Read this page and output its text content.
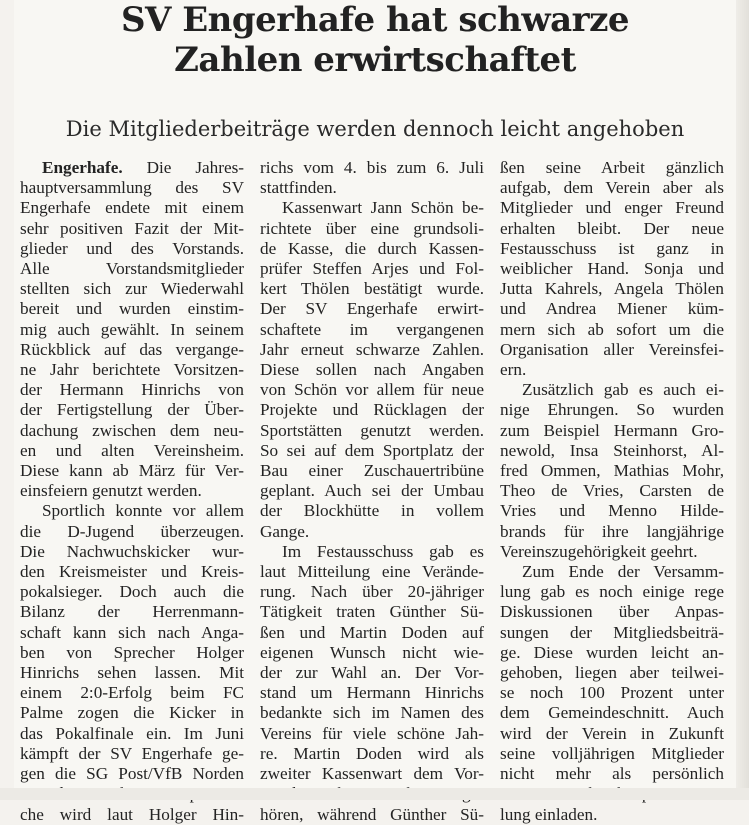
SV Engerhafe hat schwarze
Zahlen erwirtschaftet
Die Mitgliederbeiträge werden dennoch leicht angehoben
Engerhafe. Die Jahres-
hauptversammlung des SV
Engerhafe endete mit einem
sehr positiven Fazit der Mit-
glieder und des Vorstands.
Alle Vorstandsmitglieder
stellten sich zur Wiederwahl
bereit und wurden einstim-
mig auch gewählt. In seinem
Rückblick auf das vergange-
ne Jahr berichtete Vorsitzen-
der Hermann Hinrichs von
der Fertigstellung der Über-
dachung zwischen dem neu-
en und alten Vereinsheim.
Diese kann ab März für Ver-
einsfeiern genutzt werden.
Sportlich konnte vor allem
die D-Jugend überzeugen.
Die Nachwuchskicker wur-
den Kreismeister und Kreis-
pokalsieger. Doch auch die
Bilanz der Herrenmann-
schaft kann sich nach Anga-
ben von Sprecher Holger
Hinrichs sehen lassen. Mit
einem 2:0-Erfolg beim FC
Palme zogen die Kicker in
das Pokalfinale ein. Im Juni
kämpft der SV Engerhafe ge-
gen die SG Post/VfB Norden
che wird laut Holger Hin-
richs vom 4. bis zum 6. Juli
stattfinden.
Kassenwart Jann Schön be-
richtete über eine grundsoli-
de Kasse, die durch Kassen-
prüfer Steffen Arjes und Fol-
kert Thölen bestätigt wurde.
Der SV Engerhafe erwirt-
schaftete im vergangenen
Jahr erneut schwarze Zahlen.
Diese sollen nach Angaben
von Schön vor allem für neue
Projekte und Rücklagen der
Sportstätten genutzt werden.
So sei auf dem Sportplatz der
Bau einer Zuschauertribüne
geplant. Auch sei der Umbau
der Blockhütte in vollem
Gange.
Im Festausschuss gab es
laut Mitteilung eine Verände-
rung. Nach über 20-jähriger
Tätigkeit traten Günther Sü-
ßen und Martin Doden auf
eigenen Wunsch nicht wie-
der zur Wahl an. Der Vor-
stand um Hermann Hinrichs
bedankte sich im Namen des
Vereins für viele schöne Jah-
re. Martin Doden wird als
zweiter Kassenwart dem Vor-
hören, während Günther Sü-
ßen seine Arbeit gänzlich
aufgab, dem Verein aber als
Mitglieder und enger Freund
erhalten bleibt. Der neue
Festausschuss ist ganz in
weiblicher Hand. Sonja und
Jutta Kahrels, Angela Thölen
und Andrea Miener küm-
mern sich ab sofort um die
Organisation aller Vereinsfei-
ern.
Zusätzlich gab es auch ei-
nige Ehrungen. So wurden
zum Beispiel Hermann Gro-
newold, Insa Steinhorst, Al-
fred Ommen, Mathias Mohr,
Theo de Vries, Carsten de
Vries und Menno Hilde-
brands für ihre langjährige
Vereinszugehörigkeit geehrt.
Zum Ende der Versamm-
lung gab es noch einige rege
Diskussionen über Anpas-
sungen der Mitgliedsbeiträ-
ge. Diese wurden leicht an-
gehoben, liegen aber teilwei-
se noch 100 Prozent unter
dem Gemeindeschnitt. Auch
wird der Verein in Zukunft
seine volljährigen Mitglieder
nicht mehr als persönlich
lung einladen.
